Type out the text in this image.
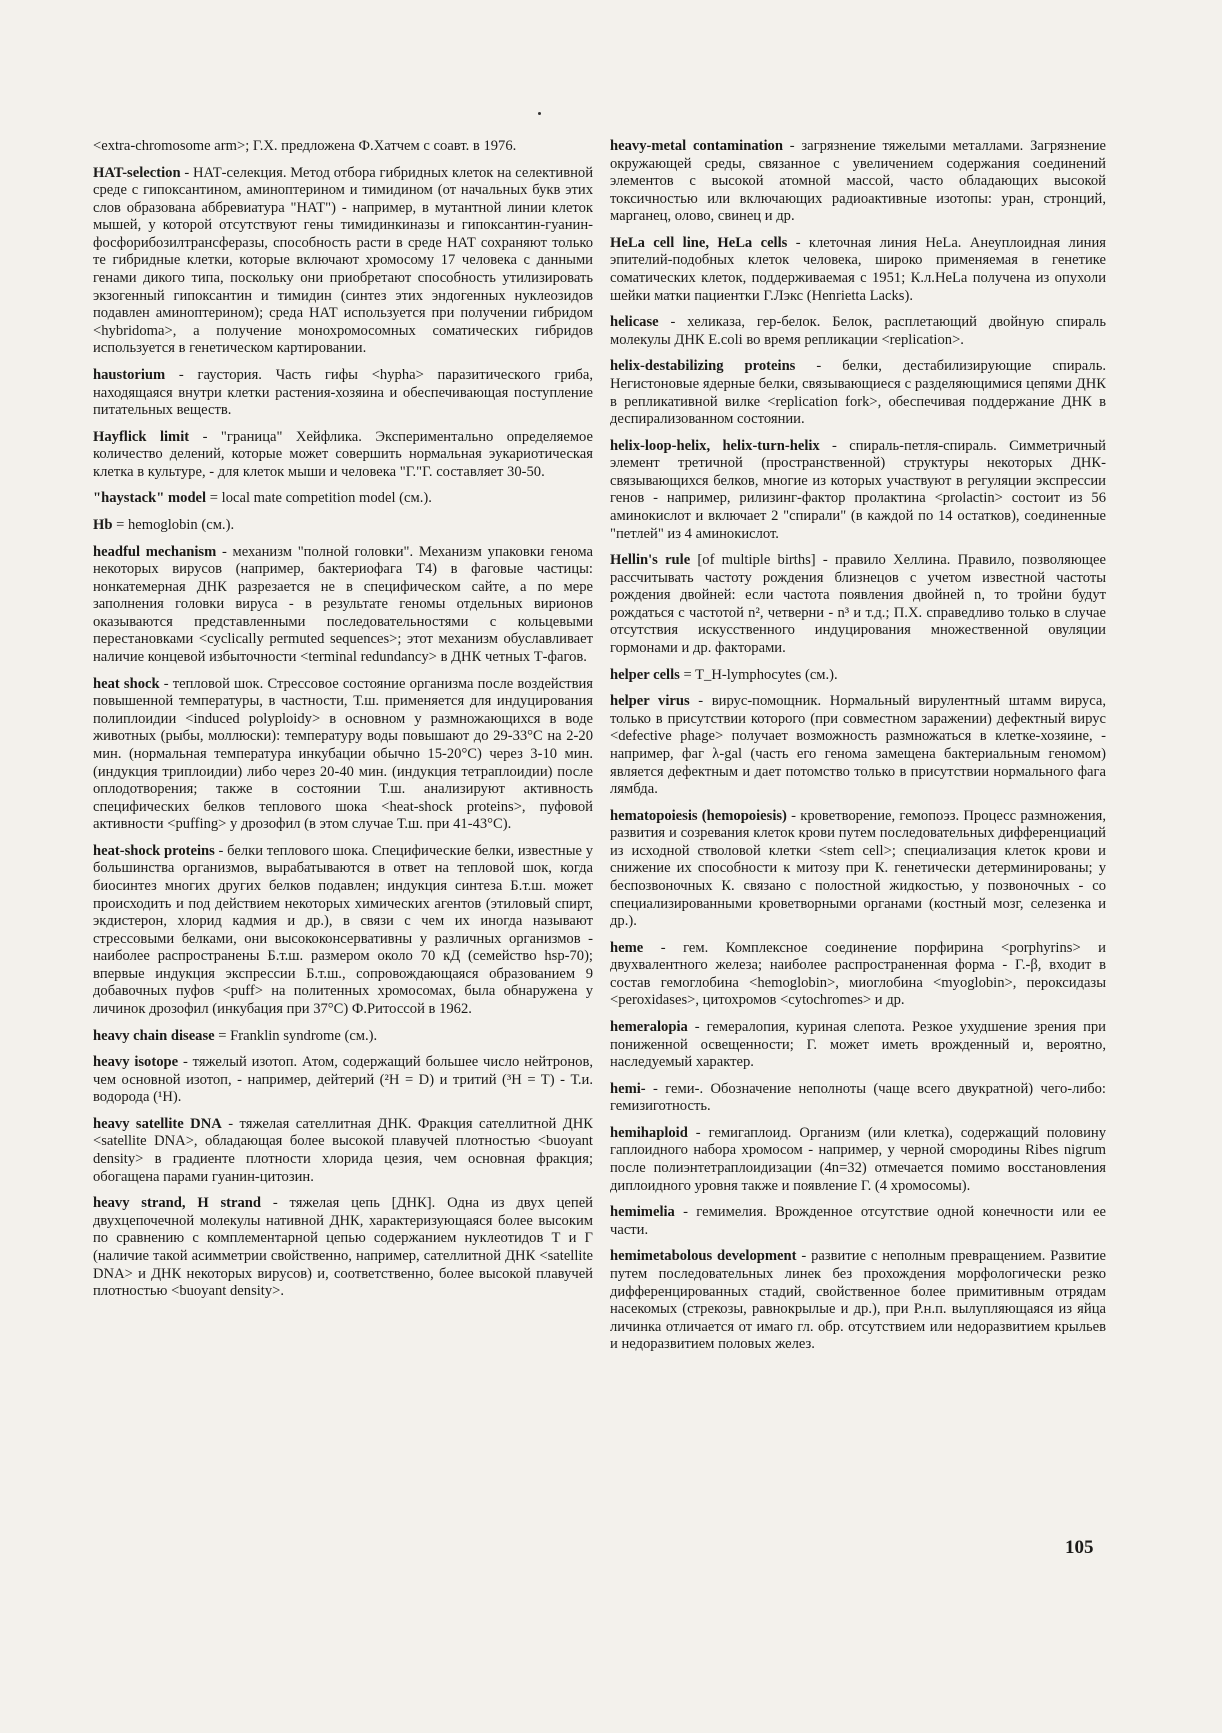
<extra-chromosome arm>; Г.Х. предложена Ф.Хатчем с соавт. в 1976.

HAT-selection - НАТ-селекция. Метод отбора гибридных клеток на селективной среде с гипоксантином, аминоптерином и тимидином (от начальных букв этих слов образована аббревиатура "НАТ") - например, в мутантной линии клеток мышей, у которой отсутствуют гены тимидинкиназы и гипоксантин-гуанин-фосфорибозилтрансферазы, способность расти в среде НАТ сохраняют только те гибридные клетки, которые включают хромосому 17 человека с данными генами дикого типа, поскольку они приобретают способность утилизировать экзогенный гипоксантин и тимидин (синтез этих эндогенных нуклеозидов подавлен аминоптерином); среда НАТ используется при получении гибридом <hybridoma>, а получение монохромосомных соматических гибридов используется в генетическом картировании.

haustorium - гаустория. Часть гифы <hypha> паразитического гриба, находящаяся внутри клетки растения-хозяина и обеспечивающая поступление питательных веществ.

Hayflick limit - "граница" Хейфлика. Экспериментально определяемое количество делений, которые может совершить нормальная эукариотическая клетка в культуре, - для клеток мыши и человека "Г."Г. составляет 30-50.

"haystack" model = local mate competition model (см.).

Hb = hemoglobin (см.).

headful mechanism - механизм "полной головки". Механизм упаковки генома некоторых вирусов (например, бактериофага Т4) в фаговые частицы: нонкатемерная ДНК разрезается не в специфическом сайте, а по мере заполнения головки вируса - в результате геномы отдельных вирионов оказываются представленными последовательностями с кольцевыми перестановками <cyclically permuted sequences>; этот механизм обуславливает наличие концевой избыточности <terminal redundancy> в ДНК четных Т-фагов.

heat shock - тепловой шок. Стрессовое состояние организма после воздействия повышенной температуры, в частности, Т.ш. применяется для индуцирования полиплоидии <induced polyploidy> в основном у размножающихся в воде животных (рыбы, моллюски): температуру воды повышают до 29-33°С на 2-20 мин. (нормальная температура инкубации обычно 15-20°С) через 3-10 мин. (индукция триплоидии) либо через 20-40 мин. (индукция тетраплоидии) после оплодотворения; также в состоянии Т.ш. анализируют активность специфических белков теплового шока <heat-shock proteins>, пуфовой активности <puffing> у дрозофил (в этом случае Т.ш. при 41-43°С).

heat-shock proteins - белки теплового шока. Специфические белки, известные у большинства организмов, вырабатываются в ответ на тепловой шок, когда биосинтез многих других белков подавлен; индукция синтеза Б.т.ш. может происходить и под действием некоторых химических агентов (этиловый спирт, экдистерон, хлорид кадмия и др.), в связи с чем их иногда называют стрессовыми белками, они высококонсервативны у различных организмов - наиболее распространены Б.т.ш. размером около 70 кД (семейство hsp-70); впервые индукция экспрессии Б.т.ш., сопровождающаяся образованием 9 добавочных пуфов <puff> на политенных хромосомах, была обнаружена у личинок дрозофил (инкубация при 37°С) Ф.Ритоссой в 1962.

heavy chain disease = Franklin syndrome (см.).

heavy isotope - тяжелый изотоп. Атом, содержащий большее число нейтронов, чем основной изотоп, - например, дейтерий (²H = D) и тритий (³H = T) - Т.и. водорода (¹H).

heavy satellite DNA - тяжелая сателлитная ДНК. Фракция сателлитной ДНК <satellite DNA>, обладающая более высокой плавучей плотностью <buoyant density> в градиенте плотности хлорида цезия, чем основная фракция; обогащена парами гуанин-цитозин.

heavy strand, H strand - тяжелая цепь [ДНК]. Одна из двух цепей двухцепочечной молекулы нативной ДНК, характеризующаяся более высоким по сравнению с комплементарной цепью содержанием нуклеотидов Т и Г (наличие такой асимметрии свойственно, например, сателлитной ДНК <satellite DNA> и ДНК некоторых вирусов) и, соответственно, более высокой плавучей плотностью <buoyant density>.

heavy-metal contamination - загрязнение тяжелыми металлами. Загрязнение окружающей среды, связанное с увеличением содержания соединений элементов с высокой атомной массой, часто обладающих высокой токсичностью или включающих радиоактивные изотопы: уран, стронций, марганец, олово, свинец и др.

HeLa cell line, HeLa cells - клеточная линия HeLa. Анеуплоидная линия эпителий-подобных клеток человека, широко применяемая в генетике соматических клеток, поддерживаемая с 1951; К.л.HeLa получена из опухоли шейки матки пациентки Г.Лэкс (Henrietta Lacks).

helicase - хеликаза, гер-белок. Белок, расплетающий двойную спираль молекулы ДНК E.coli во время репликации <replication>.

helix-destabilizing proteins - белки, дестабилизирующие спираль. Негистоновые ядерные белки, связывающиеся с разделяющимися цепями ДНК в репликативной вилке <replication fork>, обеспечивая поддержание ДНК в деспирализованном состоянии.

helix-loop-helix, helix-turn-helix - спираль-петля-спираль. Симметричный элемент третичной (пространственной) структуры некоторых ДНК-связывающихся белков, многие из которых участвуют в регуляции экспрессии генов - например, рилизинг-фактор пролактина <prolactin> состоит из 56 аминокислот и включает 2 "спирали" (в каждой по 14 остатков), соединенные "петлей" из 4 аминокислот.

Hellin's rule [of multiple births] - правило Хеллина. Правило, позволяющее рассчитывать частоту рождения близнецов с учетом известной частоты рождения двойней: если частота появления двойней n, то тройни будут рождаться с частотой n², четверни - n³ и т.д.; П.Х. справедливо только в случае отсутствия искусственного индуцирования множественной овуляции гормонами и др. факторами.

helper cells = T_H-lymphocytes (см.).

helper virus - вирус-помощник. Нормальный вирулентный штамм вируса, только в присутствии которого (при совместном заражении) дефектный вирус <defective phage> получает возможность размножаться в клетке-хозяине, - например, фаг λ-gal (часть его генома замещена бактериальным геномом) является дефектным и дает потомство только в присутствии нормального фага лямбда.

hematopoiesis (hemopoiesis) - кроветворение, гемопоэз. Процесс размножения, развития и созревания клеток крови путем последовательных дифференциаций из исходной стволовой клетки <stem cell>; специализация клеток крови и снижение их способности к митозу при К. генетически детерминированы; у беспозвоночных К. связано с полостной жидкостью, у позвоночных - со специализированными кроветворными органами (костный мозг, селезенка и др.).

heme - гем. Комплексное соединение порфирина <porphyrins> и двухвалентного железа; наиболее распространенная форма - Г.-β, входит в состав гемоглобина <hemoglobin>, миоглобина <myoglobin>, пероксидазы <peroxidases>, цитохромов <cytochromes> и др.

hemeralopia - гемералопия, куриная слепота. Резкое ухудшение зрения при пониженной освещенности; Г. может иметь врожденный и, вероятно, наследуемый характер.

hemi- - геми-. Обозначение неполноты (чаще всего двукратной) чего-либо: гемизиготность.

hemihaploid - гемигаплоид. Организм (или клетка), содержащий половину гаплоидного набора хромосом - например, у черной смородины Ribes nigrum после полиэнтетраплоидизации (4n=32) отмечается помимо восстановления диплоидного уровня также и появление Г. (4 хромосомы).

hemimelia - гемимелия. Врожденное отсутствие одной конечности или ее части.

hemimetabolous development - развитие с неполным превращением. Развитие путем последовательных линек без прохождения морфологически резко дифференцированных стадий, свойственное более примитивным отрядам насекомых (стрекозы, равнокрылые и др.), при Р.н.п. вылупляющаяся из яйца личинка отличается от имаго гл. обр. отсутствием или недоразвитием крыльев и недоразвитием половых желез.

105
